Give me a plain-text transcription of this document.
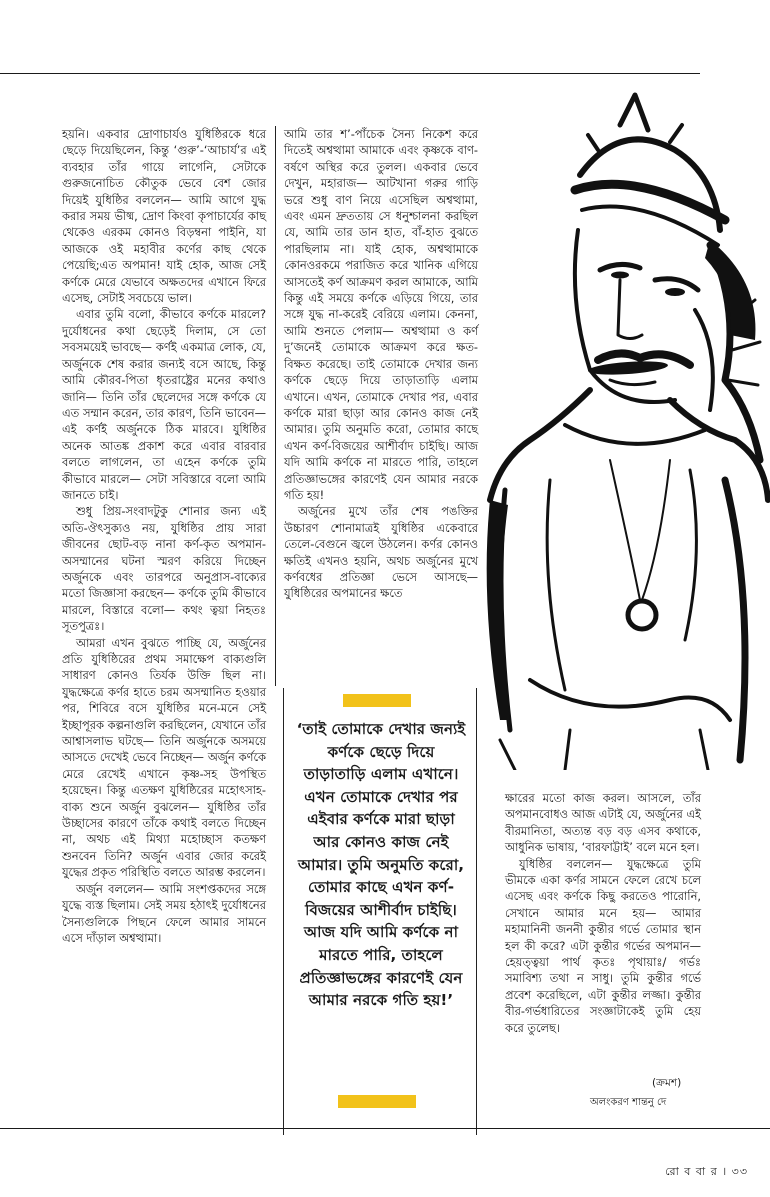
হয়নি। একবার দ্রোণাচার্যও যুধিষ্ঠিরকে ধরে ছেড়ে দিয়েছিলেন, কিন্তু ‘গুরু’-‘আচার্য’র এই ব্যবহার তাঁর গায়ে লাগেনি, সেটাকে গুরুজনোচিত কৌতুক ভেবে বেশ জোর দিয়েই যুধিষ্ঠির বললেন— আমি আগে যুদ্ধ করার সময় ভীষ্ম, দ্রোণ কিংবা কৃপাচার্যের কাছ থেকেও এরকম কোনও বিড়ম্বনা পাইনি, যা আজকে ওই মহাবীর কর্ণের কাছ থেকে পেয়েছি;এত অপমান! যাই হোক, আজ সেই কর্ণকে মেরে যেভাবে অক্ষতদের এখানে ফিরে এসেছ, সেটাই সবচেয়ে ভাল।

এবার তুমি বলো, কীভাবে কর্ণকে মারলে? দুর্যোধনের কথা ছেড়েই দিলাম, সে তো সবসময়েই ভাবছে— কর্ণই একমাত্র লোক, যে, অর্জুনকে শেষ করার জন্যই বসে আছে, কিন্তু আমি কৌরব-পিতা ধৃতরাষ্ট্রের মনের কথাও জানি— তিনি তাঁর ছেলেদের সঙ্গে কর্ণকে যে এত সম্মান করেন, তার কারণ, তিনি ভাবেন— এই কর্ণই অর্জুনকে ঠিক মারবে। যুধিষ্ঠির অনেক আতঙ্ক প্রকাশ করে এবার বারবার বলতে লাগলেন, তা এহেন কর্ণকে তুমি কীভাবে মারলে— সেটা সবিস্তারে বলো আমি জানতে চাই।

শুধু প্রিয়-সংবাদটুকু শোনার জন্য এই অতি-ঔৎসুক্যও নয়, যুধিষ্ঠির প্রায় সারা জীবনের ছোট-বড় নানা কর্ণ-কৃত অপমান-অসম্মানের ঘটনা স্মরণ করিয়ে দিচ্ছেন অর্জুনকে এবং তারপরে অনুপ্রাস-বাক্যের মতো জিজ্ঞাসা করছেন— কর্ণকে তুমি কীভাবে মারলে, বিস্তারে বলো— কথং ত্বয়া নিহতঃ সূতপুত্রঃ।

আমরা এখন বুঝতে পাচ্ছি যে, অর্জুনের প্রতি যুধিষ্ঠিরের প্রথম সমাক্ষেপ বাক্যগুলি সাধারণ কোনও তির্যক উক্তি ছিল না। যুদ্ধক্ষেত্রে কর্ণর হাতে চরম অসম্মানিত হওয়ার পর, শিবিরে বসে যুধিষ্ঠির মনে-মনে সেই ইচ্ছাপূরক কল্পনাগুলি করছিলেন, যেখানে তাঁর আশ্বাসলাভ ঘটছে— তিনি অর্জুনকে অসময়ে আসতে দেখেই ভেবে নিচ্ছেন— অর্জুন কর্ণকে মেরে রেখেই এখানে কৃষ্ণ-সহ উপস্থিত হয়েছেন। কিন্তু এতক্ষণ যুধিষ্ঠিরের মহোৎসাহ-বাক্য শুনে অর্জুন বুঝলেন— যুধিষ্ঠির তাঁর উচ্ছাসের কারণে তাঁকে কথাই বলতে দিচ্ছেন না, অথচ এই মিথ্যা মহোচ্ছাস কতক্ষণ শুনবেন তিনি? অর্জুন এবার জোর করেই যুদ্ধের প্রকৃত পরিস্থিতি বলতে আরম্ভ করলেন।

অর্জুন বললেন— আমি সংশপ্তকদের সঙ্গে যুদ্ধে ব্যস্ত ছিলাম। সেই সময় হঠাৎই দুর্যোধনের সৈন্যগুলিকে পিছনে ফেলে আমার সামনে এসে দাঁড়াল অশ্বত্থামা।

আমি তার শ’-পাঁচেক সৈন্য নিকেশ করে দিতেই অশ্বত্থামা আমাকে এবং কৃষ্ণকে বাণ-বর্ষণে অস্থির করে তুলল। একবার ভেবে দেখুন, মহারাজ— আটখানা গরুর গাড়ি ভরে শুধু বাণ নিয়ে এসেছিল অশ্বত্থামা, এবং এমন দ্রুততায় সে ধনুশ্চালনা করছিল যে, আমি তার ডান হাত, বাঁ-হাত বুঝতে পারছিলাম না। যাই হোক, অশ্বত্থামাকে কোনওরকমে পরাজিত করে খানিক এগিয়ে আসতেই কর্ণ আক্রমণ করল আমাকে, আমি কিন্তু এই সময়ে কর্ণকে এড়িয়ে গিয়ে, তার সঙ্গে যুদ্ধ না-করেই বেরিয়ে এলাম। কেননা, আমি শুনতে পেলাম— অশ্বত্থামা ও কর্ণ দু’জনেই তোমাকে আক্রমণ করে ক্ষত-বিক্ষত করেছে। তাই তোমাকে দেখার জন্য কর্ণকে ছেড়ে দিয়ে তাড়াতাড়ি এলাম এখানে। এখন, তোমাকে দেখার পর, এবার কর্ণকে মারা ছাড়া আর কোনও কাজ নেই আমার। তুমি অনুমতি করো, তোমার কাছে এখন কর্ণ-বিজয়ের আশীর্বাদ চাইছি। আজ যদি আমি কর্ণকে না মারতে পারি, তাহলে প্রতিজ্ঞাভঙ্গের কারণেই যেন আমার নরকে গতি হয়!

অর্জুনের মুখে তাঁর শেষ পঙক্তির উচ্চারণ শোনামাত্রই যুধিষ্ঠির একেবারে তেলে-বেগুনে জ্বলে উঠলেন। কর্ণর কোনও ক্ষতিই এখনও হয়নি, অথচ অর্জুনের মুখে কর্ণবধের প্রতিজ্ঞা ভেসে আসছে— যুধিষ্ঠিরের অপমানের ক্ষতে

‘তাই তোমাকে দেখার জন্যই কর্ণকে ছেড়ে দিয়ে তাড়াতাড়ি এলাম এখানে। এখন তোমাকে দেখার পর এইবার কর্ণকে মারা ছাড়া আর কোনও কাজ নেই আমার। তুমি অনুমতি করো, তোমার কাছে এখন কর্ণ-বিজয়ের আশীর্বাদ চাইছি। আজ যদি আমি কর্ণকে না মারতে পারি, তাহলে প্রতিজ্ঞাভঙ্গের কারণেই যেন আমার নরকে গতি হয়!’

ক্ষারের মতো কাজ করল। আসলে, তাঁর অপমানবোধও আজ এটাই যে, অর্জুনের এই বীরমানিতা, অত্যন্ত বড় বড় এসব কথাকে, আধুনিক ভাষায়, ‘বারফাট্টাই’ বলে মনে হল।

যুধিষ্ঠির বললেন— যুদ্ধক্ষেত্রে তুমি ভীমকে একা কর্ণর সামনে ফেলে রেখে চলে এসেছ এবং কর্ণকে কিছু করতেও পারোনি, সেখানে আমার মনে হয়— আমার মহামানিনী জননী কুন্তীর গর্ভে তোমার স্থান হল কী করে? এটা কুন্তীর গর্ভের অপমান— হেয়ত্ত্বয়া পার্থ কৃতঃ পৃথায়াঃ/ গর্ভঃ সমাবিশ্য তথা ন সাধু। তুমি কুন্তীর গর্ভে প্রবেশ করেছিলে, এটা কুন্তীর লজ্জা। কুন্তীর বীর-গর্ভধারিতের সংজ্ঞাটাকেই তুমি হেয় করে তুলেছ।

(ক্রমশ)
অলংকরণ শান্তনু দে
রো ব বা র । ৩৩
